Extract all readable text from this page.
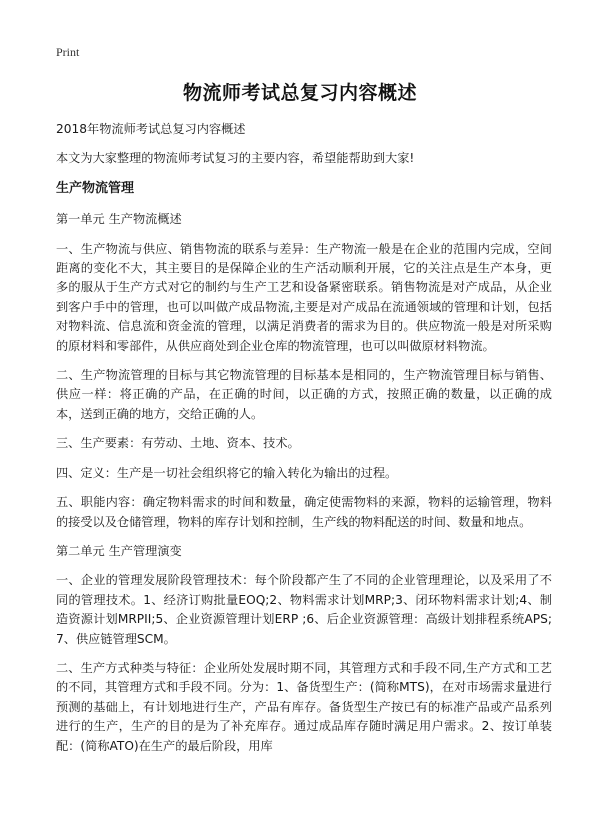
Print
物流师考试总复习内容概述

2018年物流师考试总复习内容概述

本文为大家整理的物流师考试复习的主要内容，希望能帮助到大家!

生产物流管理

第一单元 生产物流概述

一、生产物流与供应、销售物流的联系与差异：生产物流一般是在企业的范围内完成，空间距离的变化不大，其主要目的是保障企业的生产活动顺利开展，它的关注点是生产本身，更多的服从于生产方式对它的制约与生产工艺和设备紧密联系。销售物流是对产成品，从企业到客户手中的管理，也可以叫做产成品物流,主要是对产成品在流通领域的管理和计划，包括对物料流、信息流和资金流的管理，以满足消费者的需求为目的。供应物流一般是对所采购的原材料和零部件，从供应商处到企业仓库的物流管理，也可以叫做原材料物流。

二、生产物流管理的目标与其它物流管理的目标基本是相同的，生产物流管理目标与销售、供应一样：将正确的产品，在正确的时间，以正确的方式，按照正确的数量，以正确的成本，送到正确的地方，交给正确的人。

三、生产要素：有劳动、土地、资本、技术。

四、定义：生产是一切社会组织将它的输入转化为输出的过程。

五、职能内容：确定物料需求的时间和数量，确定使需物料的来源，物料的运输管理，物料的接受以及仓储管理，物料的库存计划和控制，生产线的物料配送的时间、数量和地点。

第二单元 生产管理演变

一、企业的管理发展阶段管理技术：每个阶段都产生了不同的企业管理理论，以及采用了不同的管理技术。1、经济订购批量EOQ;2、物料需求计划MRP;3、闭环物料需求计划;4、制造资源计划MRPII;5、企业资源管理计划ERP ;6、后企业资源管理：高级计划排程系统APS;7、供应链管理SCM。

二、生产方式种类与特征：企业所处发展时期不同，其管理方式和手段不同,生产方式和工艺的不同，其管理方式和手段不同。分为：1、备货型生产：(简称MTS)，在对市场需求量进行预测的基础上，有计划地进行生产，产品有库存。备货型生产按已有的标准产品或产品系列进行的生产，生产的目的是为了补充库存。通过成品库存随时满足用户需求。2、按订单装配：(简称ATO)在生产的最后阶段，用库
